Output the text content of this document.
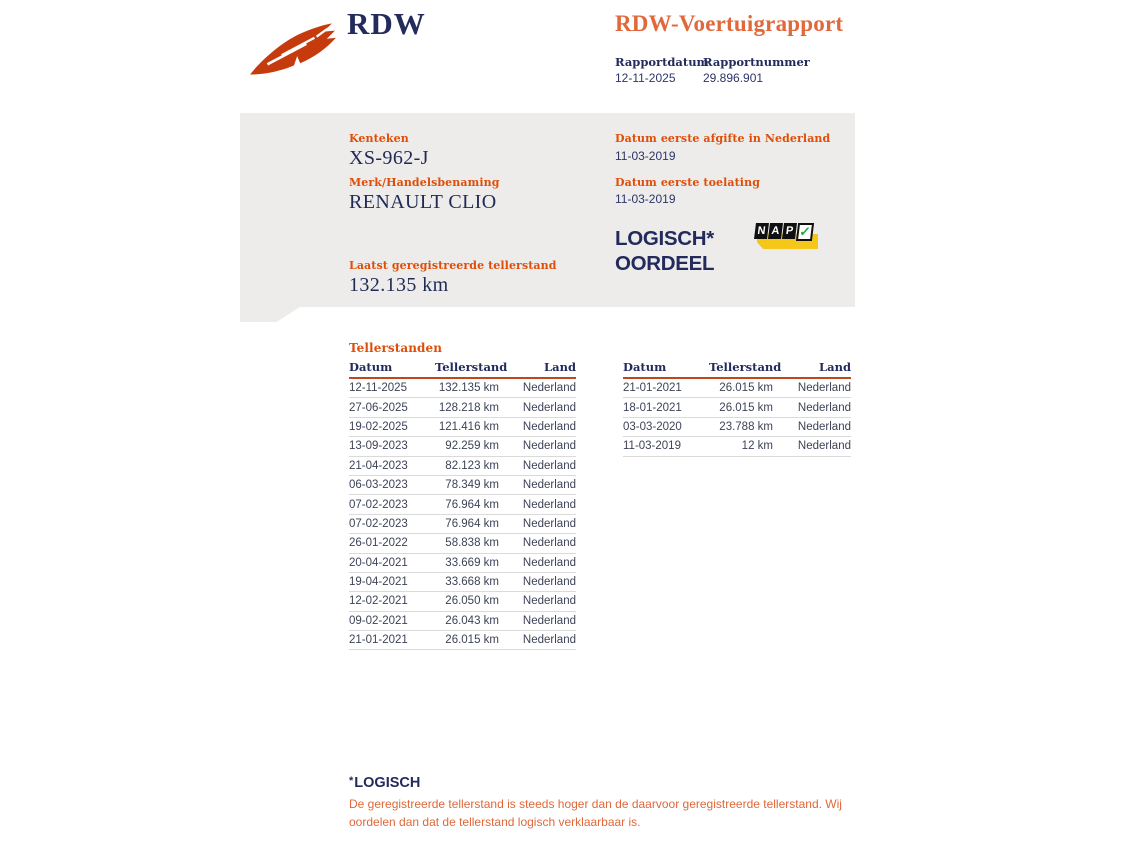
RDW	RDW-Voertuigrapport
Rapportdatum
12-11-2025
Rapportnummer
29.896.901
Kenteken
XS-962-J
Merk/Handelsbenaming
RENAULT CLIO
Laatst geregistreerde tellerstand
132.135 km
Datum eerste afgifte in Nederland
11-03-2019
Datum eerste toelating
11-03-2019
LOGISCH*
OORDEEL
N A P ✓
Tellerstanden
Datum	Tellerstand	Land
12-11-2025	132.135 km	Nederland
27-06-2025	128.218 km	Nederland
19-02-2025	121.416 km	Nederland
13-09-2023	92.259 km	Nederland
21-04-2023	82.123 km	Nederland
06-03-2023	78.349 km	Nederland
07-02-2023	76.964 km	Nederland
07-02-2023	76.964 km	Nederland
26-01-2022	58.838 km	Nederland
20-04-2021	33.669 km	Nederland
19-04-2021	33.668 km	Nederland
12-02-2021	26.050 km	Nederland
09-02-2021	26.043 km	Nederland
21-01-2021	26.015 km	Nederland
Datum	Tellerstand	Land
21-01-2021	26.015 km	Nederland
18-01-2021	26.015 km	Nederland
03-03-2020	23.788 km	Nederland
11-03-2019	12 km	Nederland
*LOGISCH
De geregistreerde tellerstand is steeds hoger dan de daarvoor geregistreerde tellerstand. Wij oordelen dan dat de tellerstand logisch verklaarbaar is.
